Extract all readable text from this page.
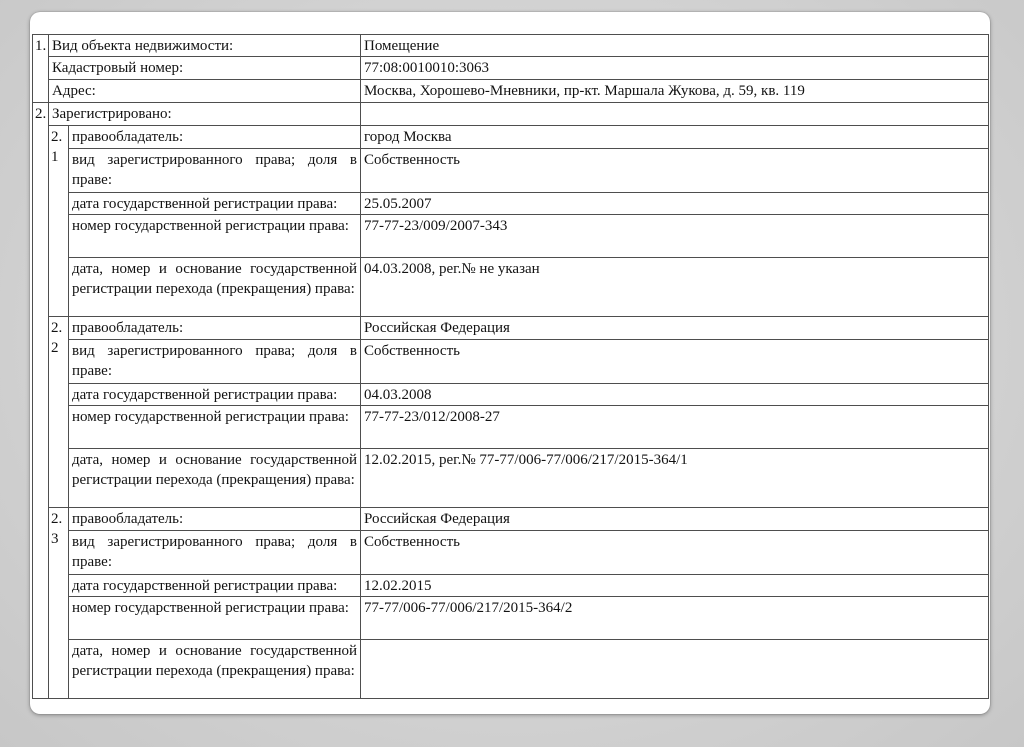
1.	Вид объекта недвижимости:		Помещение
	Кадастровый номер:		77:08:0010010:3063
	Адрес:		Москва, Хорошево-Мневники, пр-кт. Маршала Жукова, д. 59, кв. 119
2.	Зарегистрировано:		
	2.1	правообладатель:	город Москва
		вид зарегистрированного права; доля в праве:	Собственность
		дата государственной регистрации права:	25.05.2007
		номер государственной регистрации права:	77-77-23/009/2007-343
		дата, номер и основание государственной регистрации перехода (прекращения) права:	04.03.2008, рег.№ не указан
	2.2	правообладатель:	Российская Федерация
		вид зарегистрированного права; доля в праве:	Собственность
		дата государственной регистрации права:	04.03.2008
		номер государственной регистрации права:	77-77-23/012/2008-27
		дата, номер и основание государственной регистрации перехода (прекращения) права:	12.02.2015, рег.№ 77-77/006-77/006/217/2015-364/1
	2.3	правообладатель:	Российская Федерация
		вид зарегистрированного права; доля в праве:	Собственность
		дата государственной регистрации права:	12.02.2015
		номер государственной регистрации права:	77-77/006-77/006/217/2015-364/2
		дата, номер и основание государственной регистрации перехода (прекращения) права:	
